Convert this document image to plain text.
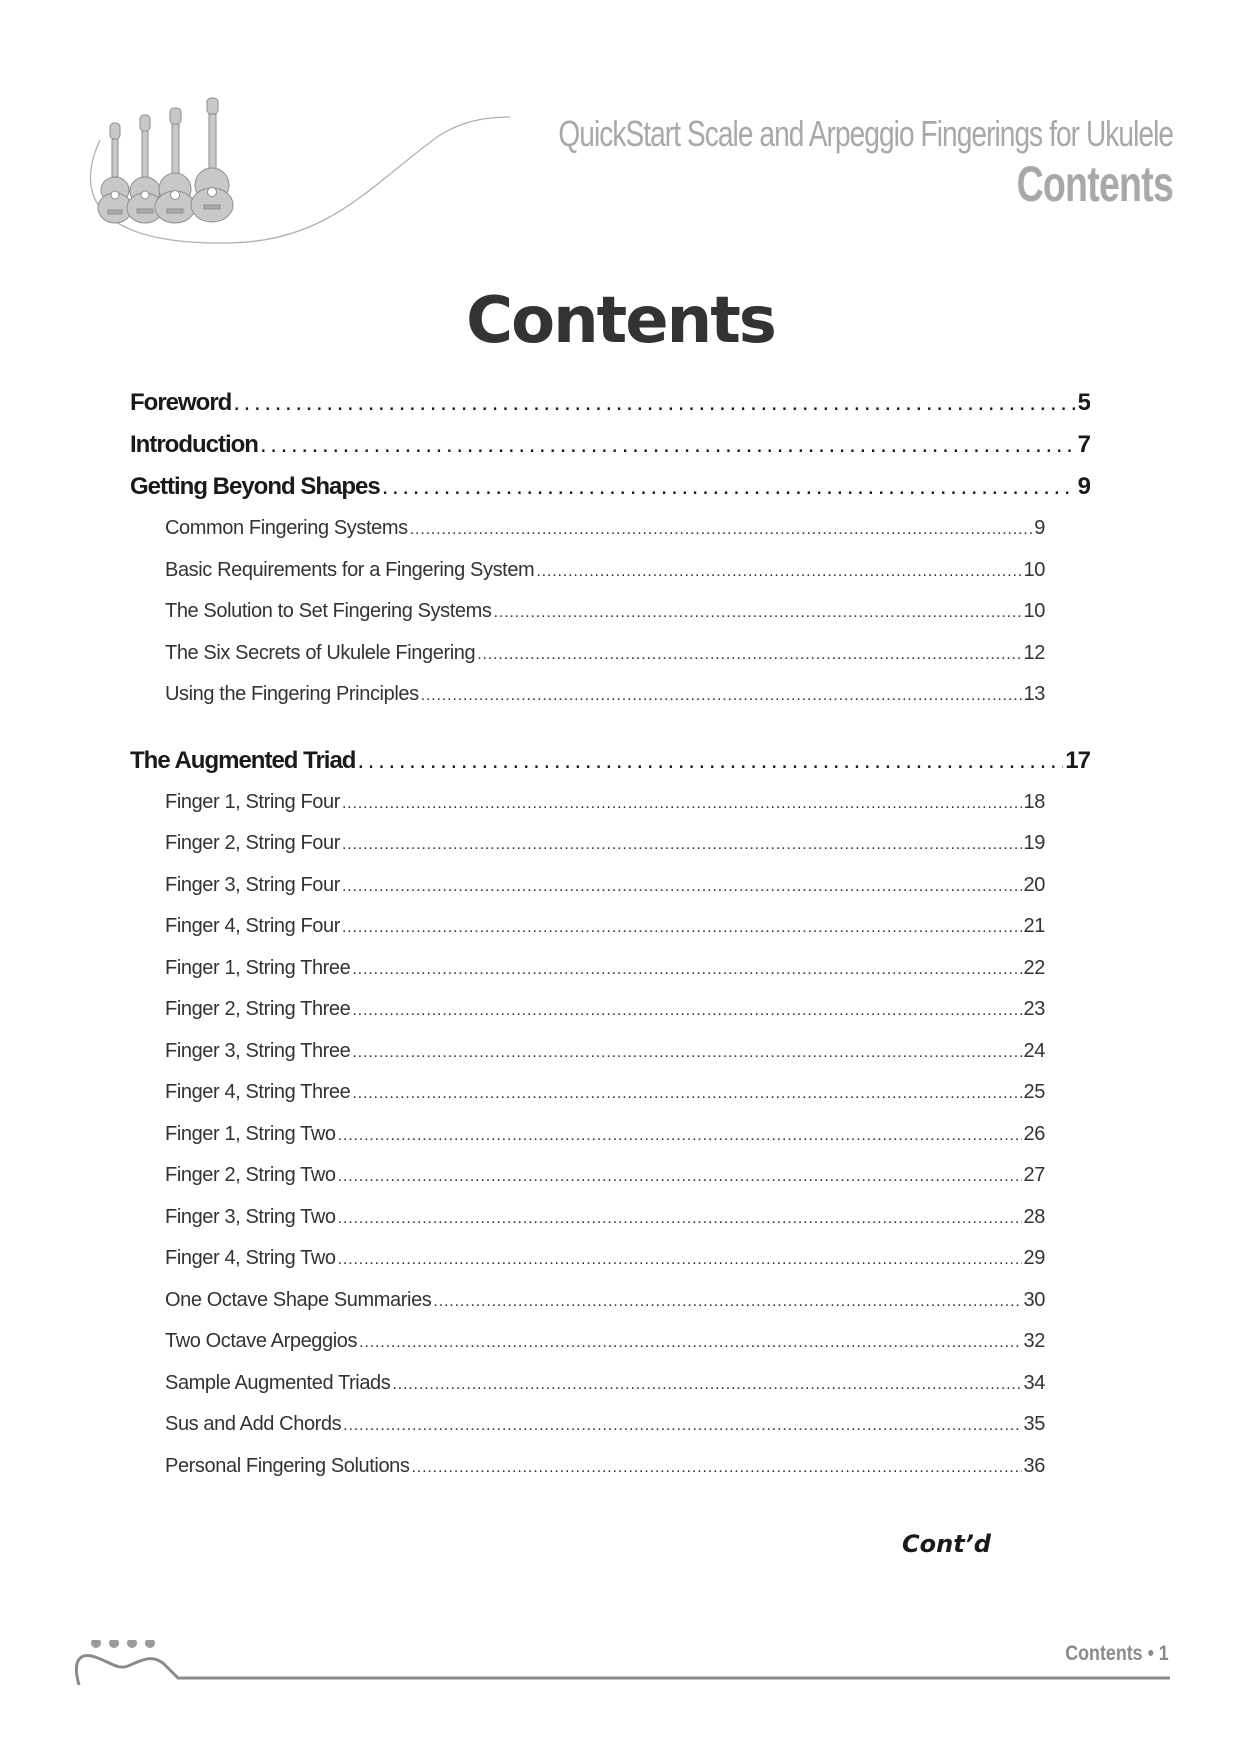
QuickStart Scale and Arpeggio Fingerings for Ukulele
Contents
Contents
Foreword . . .	5
Introduction . . .	7
Getting Beyond Shapes . . .	9
Common Fingering Systems . . .	9
Basic Requirements for a Fingering System . . .	10
The Solution to Set Fingering Systems . . .	10
The Six Secrets of Ukulele Fingering . . .	12
Using the Fingering Principles . . .	13
The Augmented Triad . . .	17
Finger 1, String Four . . .	18
Finger 2, String Four . . .	19
Finger 3, String Four . . .	20
Finger 4, String Four . . .	21
Finger 1, String Three . . .	22
Finger 2, String Three . . .	23
Finger 3, String Three . . .	24
Finger 4, String Three . . .	25
Finger 1, String Two . . .	26
Finger 2, String Two . . .	27
Finger 3, String Two . . .	28
Finger 4, String Two . . .	29
One Octave Shape Summaries . . .	30
Two Octave Arpeggios . . .	32
Sample Augmented Triads . . .	34
Sus and Add Chords . . .	35
Personal Fingering Solutions . . .	36
Cont’d
Contents • 1
